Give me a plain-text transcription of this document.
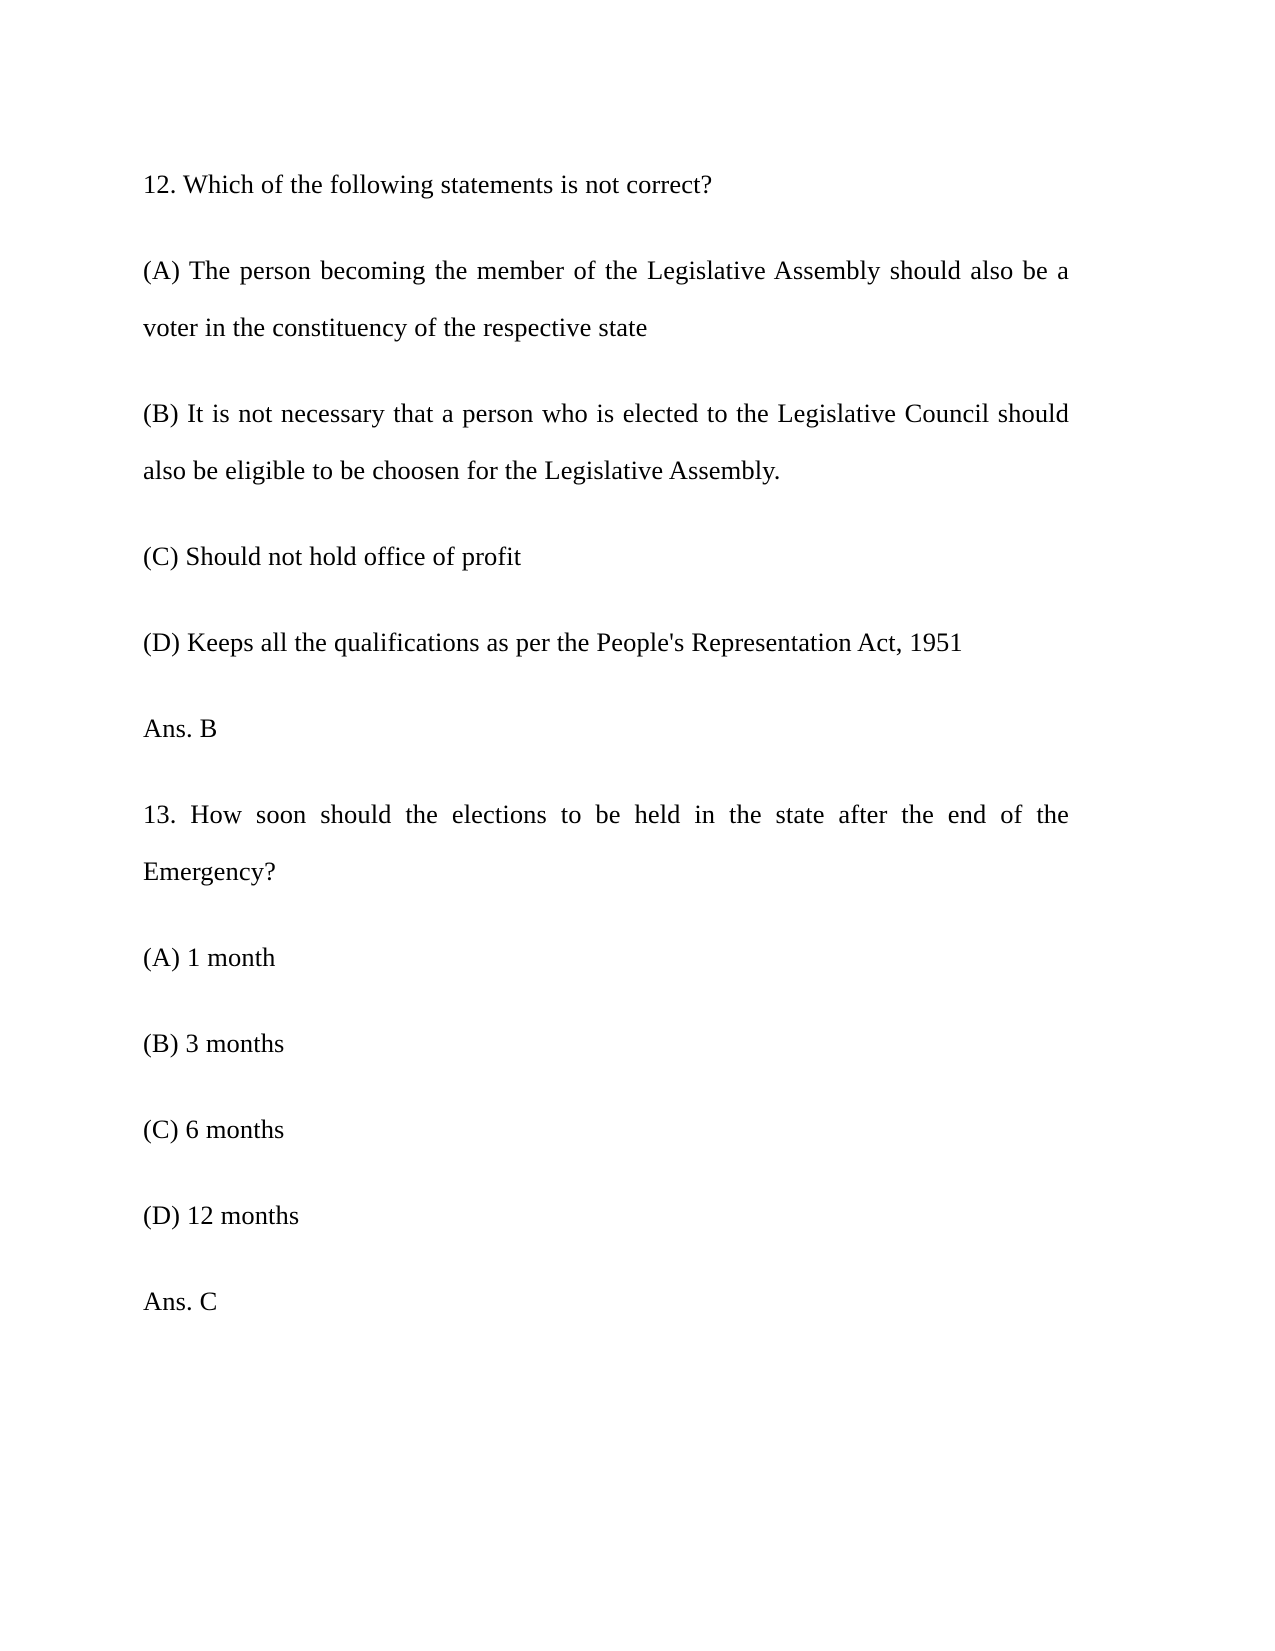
12. Which of the following statements is not correct?

(A) The person becoming the member of the Legislative Assembly should also be a voter in the constituency of the respective state

(B) It is not necessary that a person who is elected to the Legislative Council should also be eligible to be choosen for the Legislative Assembly.

(C) Should not hold office of profit

(D) Keeps all the qualifications as per the People's Representation Act, 1951

Ans. B

13. How soon should the elections to be held in the state after the end of the Emergency?

(A) 1 month

(B) 3 months

(C) 6 months

(D) 12 months

Ans. C
